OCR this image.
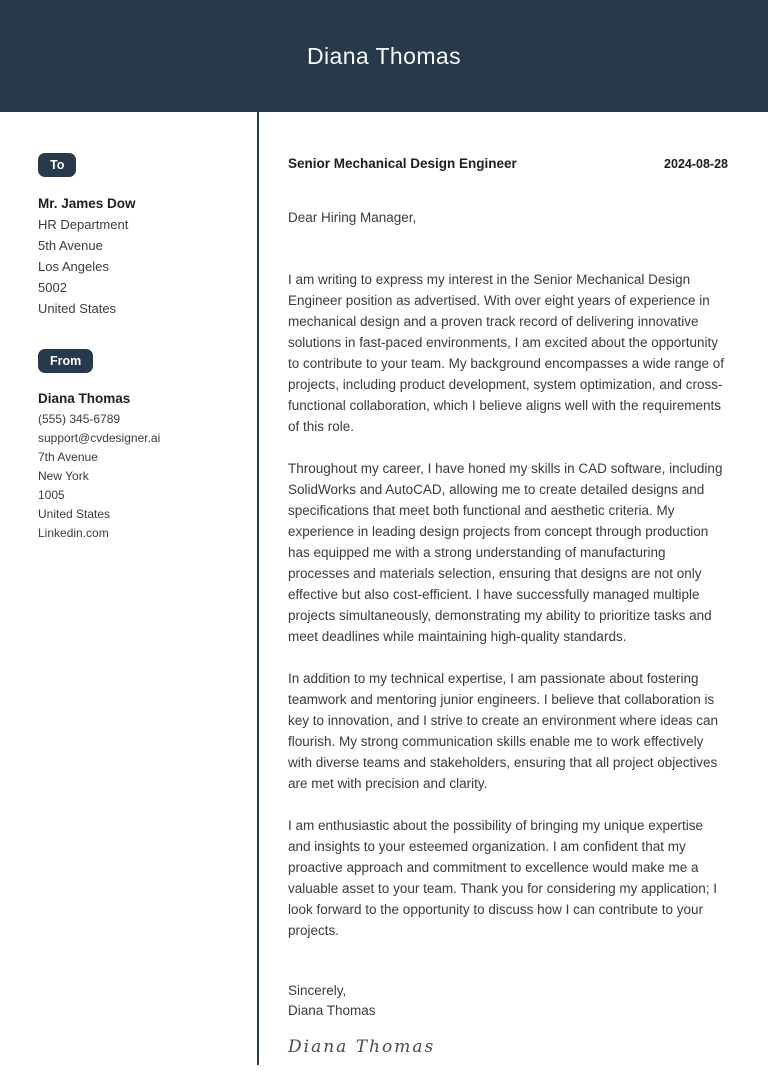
Diana Thomas
To
Mr. James Dow
HR Department
5th Avenue
Los Angeles
5002
United States
From
Diana Thomas
(555) 345-6789
support@cvdesigner.ai
7th Avenue
New York
1005
United States
Linkedin.com
Senior Mechanical Design Engineer	2024-08-28
Dear Hiring Manager,

I am writing to express my interest in the Senior Mechanical Design Engineer position as advertised. With over eight years of experience in mechanical design and a proven track record of delivering innovative solutions in fast-paced environments, I am excited about the opportunity to contribute to your team. My background encompasses a wide range of projects, including product development, system optimization, and cross-functional collaboration, which I believe aligns well with the requirements of this role.

Throughout my career, I have honed my skills in CAD software, including SolidWorks and AutoCAD, allowing me to create detailed designs and specifications that meet both functional and aesthetic criteria. My experience in leading design projects from concept through production has equipped me with a strong understanding of manufacturing processes and materials selection, ensuring that designs are not only effective but also cost-efficient. I have successfully managed multiple projects simultaneously, demonstrating my ability to prioritize tasks and meet deadlines while maintaining high-quality standards.

In addition to my technical expertise, I am passionate about fostering teamwork and mentoring junior engineers. I believe that collaboration is key to innovation, and I strive to create an environment where ideas can flourish. My strong communication skills enable me to work effectively with diverse teams and stakeholders, ensuring that all project objectives are met with precision and clarity.

I am enthusiastic about the possibility of bringing my unique expertise and insights to your esteemed organization. I am confident that my proactive approach and commitment to excellence would make me a valuable asset to your team. Thank you for considering my application; I look forward to the opportunity to discuss how I can contribute to your projects.

Sincerely,
Diana Thomas
Diana Thomas
